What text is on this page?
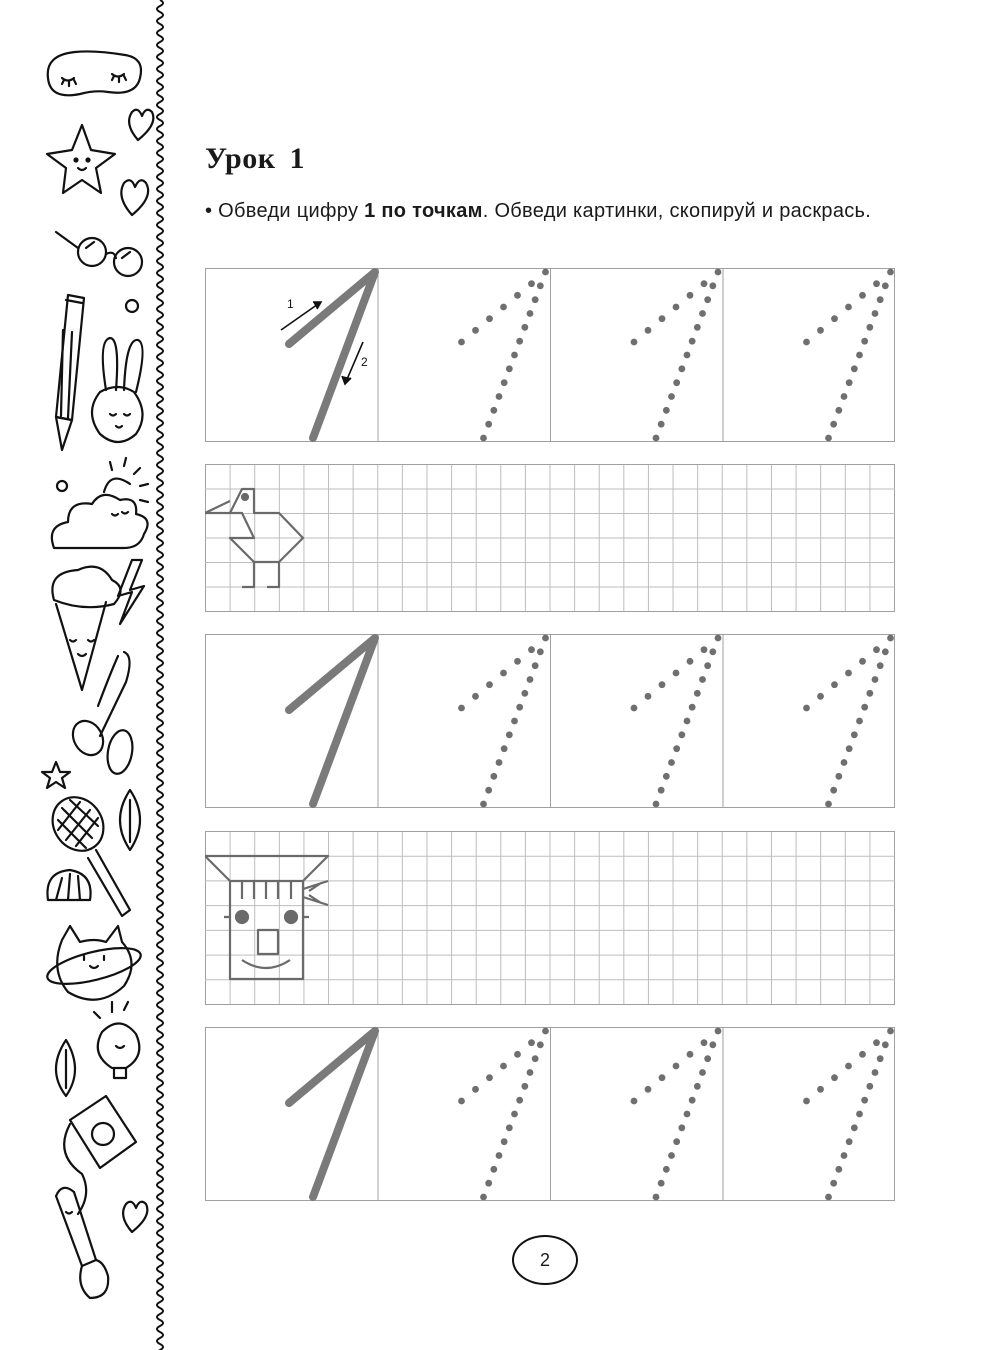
Урок 1
• Обведи цифру 1 по точкам. Обведи картинки, скопируй и раскрась.
1
2
2
